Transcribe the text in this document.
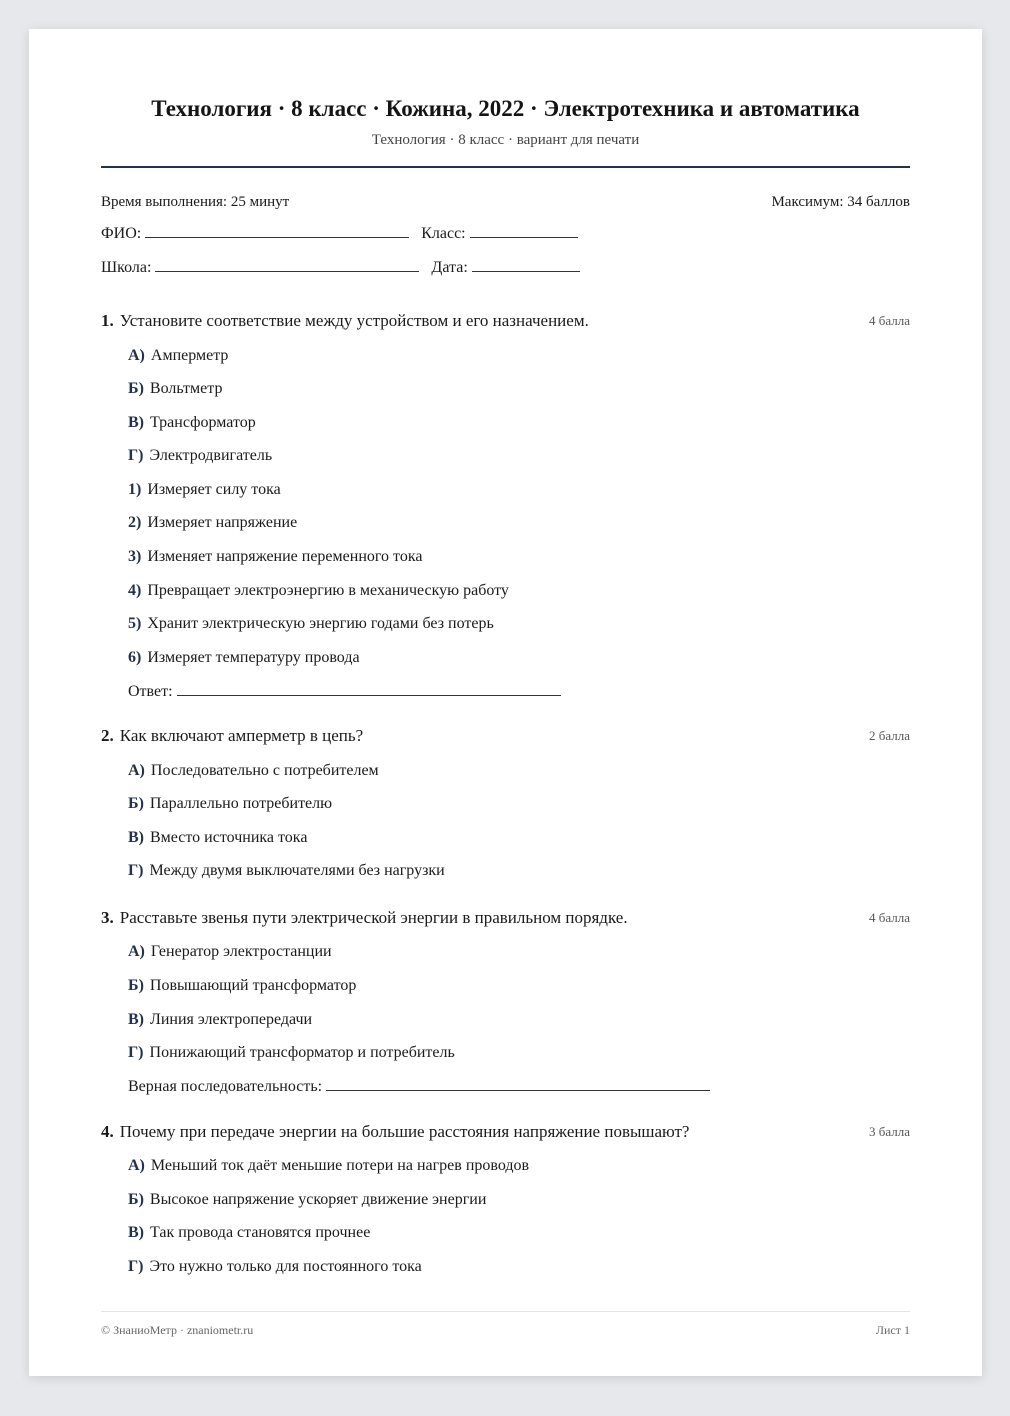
Технология · 8 класс · Кожина, 2022 · Электротехника и автоматика
Технология · 8 класс · вариант для печати
Время выполнения: 25 минут	Максимум: 34 баллов
ФИО:	Класс:
Школа:	Дата:
1. Установите соответствие между устройством и его назначением.	4 балла
А) Амперметр
Б) Вольтметр
В) Трансформатор
Г) Электродвигатель
1) Измеряет силу тока
2) Измеряет напряжение
3) Изменяет напряжение переменного тока
4) Превращает электроэнергию в механическую работу
5) Хранит электрическую энергию годами без потерь
6) Измеряет температуру провода
Ответ:
2. Как включают амперметр в цепь?	2 балла
А) Последовательно с потребителем
Б) Параллельно потребителю
В) Вместо источника тока
Г) Между двумя выключателями без нагрузки
3. Расставьте звенья пути электрической энергии в правильном порядке.	4 балла
А) Генератор электростанции
Б) Повышающий трансформатор
В) Линия электропередачи
Г) Понижающий трансформатор и потребитель
Верная последовательность:
4. Почему при передаче энергии на большие расстояния напряжение повышают?	3 балла
А) Меньший ток даёт меньшие потери на нагрев проводов
Б) Высокое напряжение ускоряет движение энергии
В) Так провода становятся прочнее
Г) Это нужно только для постоянного тока
© ЗнаниоМетр · znaniometr.ru	Лист 1
